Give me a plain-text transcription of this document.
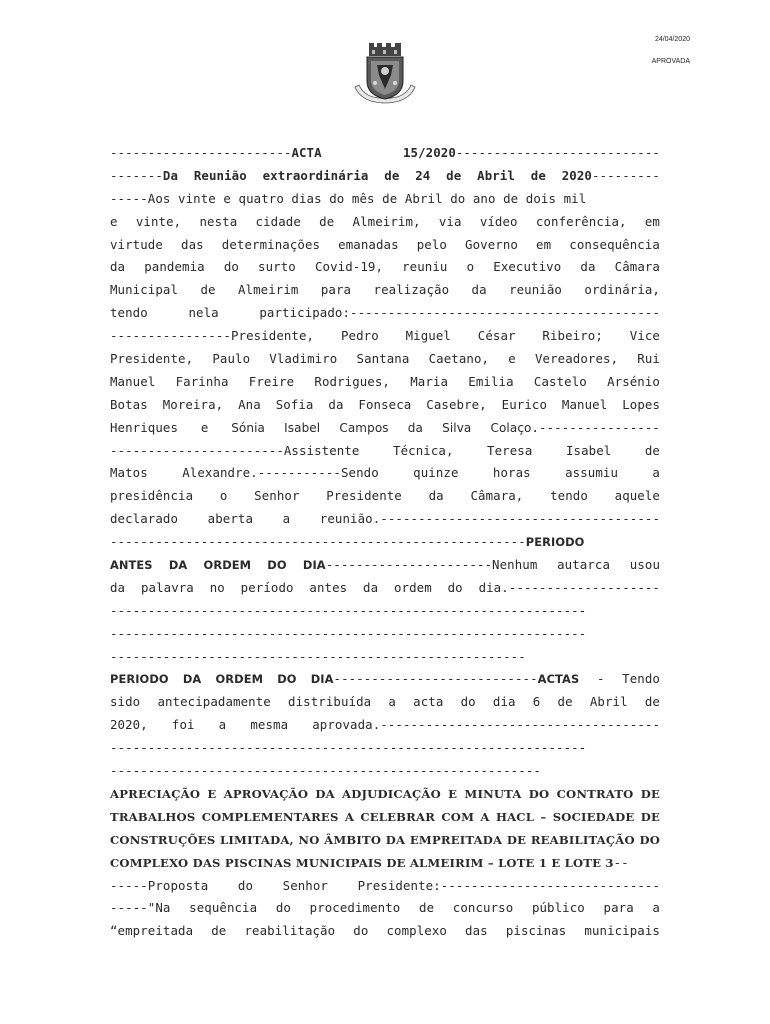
24/04/2020
APROVADA
------------------------ACTA 15/2020---------------------------
-------Da Reunião extraordinária de 24 de Abril de 2020---------
-----Aos vinte e quatro dias do mês de Abril do ano de dois mil
e vinte, nesta cidade de Almeirim, via vídeo conferência, em
virtude das determinações emanadas pelo Governo em consequência
da pandemia do surto Covid-19, reuniu o Executivo da Câmara
Municipal de Almeirim para realização da reunião ordinária,
tendo nela participado:-----------------------------------------
----------------Presidente, Pedro Miguel César Ribeiro; Vice
Presidente, Paulo Vladimiro Santana Caetano, e Vereadores, Rui
Manuel Farinha Freire Rodrigues, Maria Emilia Castelo Arsénio
Botas Moreira, Ana Sofia da Fonseca Casebre, Eurico Manuel Lopes
Henriques e Sónia Isabel Campos da Silva Colaço.----------------
-----------------------Assistente Técnica, Teresa Isabel de
Matos Alexandre.-----------Sendo quinze horas assumiu a
presidência o Senhor Presidente da Câmara, tendo aquele
declarado aberta a reunião.-------------------------------------
-------------------------------------------------------PERIODO
ANTES DA ORDEM DO DIA----------------------Nenhum autarca usou
da palavra no período antes da ordem do dia.--------------------
---------------------------------------------------------------
---------------------------------------------------------------
-------------------------------------------------------
PERIODO DA ORDEM DO DIA---------------------------ACTAS - Tendo
sido antecipadamente distribuída a acta do dia 6 de Abril de
2020, foi a mesma aprovada.-------------------------------------
---------------------------------------------------------------
---------------------------------------------------------
APRECIAÇÃO E APROVAÇÃO DA ADJUDICAÇÃO E MINUTA DO CONTRATO DE
TRABALHOS COMPLEMENTARES A CELEBRAR COM A HACL – SOCIEDADE DE
CONSTRUÇÕES LIMITADA, NO ÂMBITO DA EMPREITADA DE REABILITAÇÃO DO
COMPLEXO DAS PISCINAS MUNICIPAIS DE ALMEIRIM – LOTE 1 E LOTE 3--
-----Proposta do Senhor Presidente:-----------------------------
-----"Na sequência do procedimento de concurso público para a
“empreitada de reabilitação do complexo das piscinas municipais
